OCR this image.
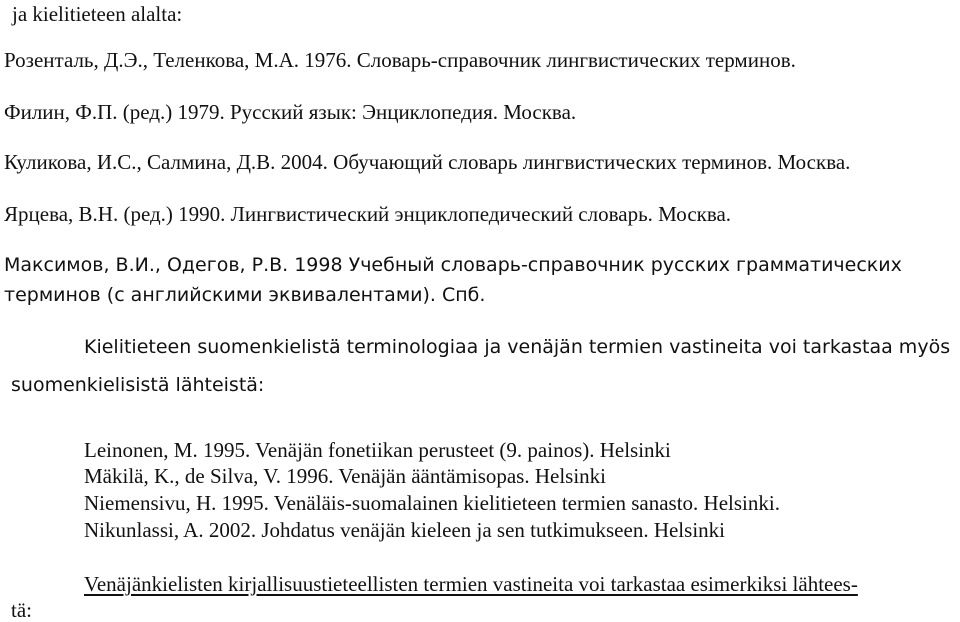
ja kielitieteen alalta:
Розенталь, Д.Э., Теленкова, М.А. 1976. Словарь-справочник лингвистических терминов.
Филин, Ф.П. (ред.) 1979. Русский язык: Энциклопедия. Москва.
Куликова, И.С., Салмина, Д.В. 2004. Обучающий словарь лингвистических терминов. Москва.
Ярцева, В.Н. (ред.) 1990. Лингвистический энциклопедический словарь. Москва.
Максимов, В.И., Одегов, Р.В. 1998 Учебный словарь-справочник русских грамматических
терминов (с английскими эквивалентами). Спб.
Kielitieteen suomenkielistä terminologiaa ja venäjän termien vastineita voi tarkastaa myös
suomenkielisistä lähteistä:
Leinonen, M. 1995. Venäjän fonetiikan perusteet (9. painos). Helsinki
Mäkilä, K., de Silva, V. 1996. Venäjän ääntämisopas. Helsinki
Niemensivu, H. 1995. Venäläis-suomalainen kielitieteen termien sanasto. Helsinki.
Nikunlassi, A. 2002. Johdatus venäjän kieleen ja sen tutkimukseen. Helsinki
Venäjänkielisten kirjallisuustieteellisten termien vastineita voi tarkastaa esimerkiksi lähtees-
tä:
